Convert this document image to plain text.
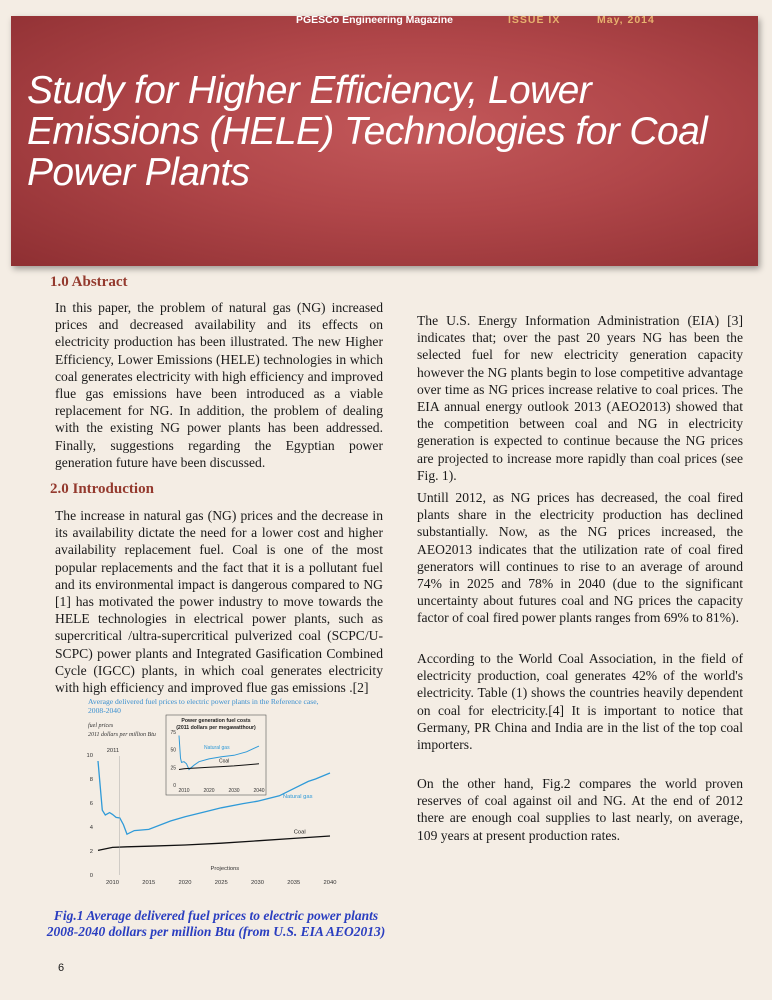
PGESCo Engineering Magazine	ISSUE IX	May, 2014
Study for Higher Efficiency, Lower Emissions (HELE) Technologies for Coal Power Plants
1.0 Abstract

In this paper, the problem of natural gas (NG) increased prices and decreased availability and its effects on electricity production has been illustrated. The new Higher Efficiency, Lower Emissions (HELE) technologies in which coal generates electricity with high efficiency and improved flue gas emissions have been introduced as a viable replacement for NG. In addition, the problem of dealing with the existing NG power plants has been addressed. Finally, suggestions regarding the Egyptian power generation future have been discussed.

2.0 Introduction

The increase in natural gas (NG) prices and the decrease in its availability dictate the need for a lower cost and higher availability replacement fuel. Coal is one of the most popular replacements and the fact that it is a pollutant fuel and its environmental impact is dangerous compared to NG [1] has motivated the power industry to move towards the HELE technologies in electrical power plants, such as supercritical /ultra-supercritical pulverized coal (SCPC/U-SCPC) power plants and Integrated Gasification Combined Cycle (IGCC) plants, in which coal generates electricity with high efficiency and improved flue gas emissions .[2]

The U.S. Energy Information Administration (EIA) [3] indicates that; over the past 20 years NG has been the selected fuel for new electricity generation capacity however the NG plants begin to lose competitive advantage over time as NG prices increase relative to coal prices. The EIA annual energy outlook 2013 (AEO2013) showed that the competition between coal and NG in electricity generation is expected to continue because the NG prices are projected to increase more rapidly than coal prices (see Fig. 1).

Untill 2012, as NG prices has decreased, the coal fired plants share in the electricity production has declined substantially. Now, as the NG prices increased, the AEO2013 indicates that the utilization rate of coal fired generators will continues to rise to an average of around 74% in 2025 and 78% in 2040 (due to the significant uncertainty about futures coal and NG prices the capacity factor of coal fired power plants ranges from 69% to 81%).

According to the World Coal Association, in the field of electricity production, coal generates 42% of the world's electricity. Table (1) shows the countries heavily dependent on coal for electricity.[4] It is important to notice that Germany, PR China and India are in the list of the top coal importers.

On the other hand, Fig.2 compares the world proven reserves of coal against oil and NG. At the end of 2012 there are enough coal supplies to last nearly, on average, 109 years at present production rates.

Average delivered fuel prices to electric power plants in the Reference case,
2008-2040
fuel prices
2011 dollars per million Btu
2010	2015	2020	2025	2030	2035	2040
0
2
4
6
8
10
Natural gas
Coal
2011
Projections
Power generation fuel costs
(2011 dollars per megawatthour)
2010	2020	2030	2040
0
25
50
75
Natural gas
Coal

Fig.1 Average delivered fuel prices to electric power plants 2008-2040 dollars per million Btu (from U.S. EIA AEO2013)

6
